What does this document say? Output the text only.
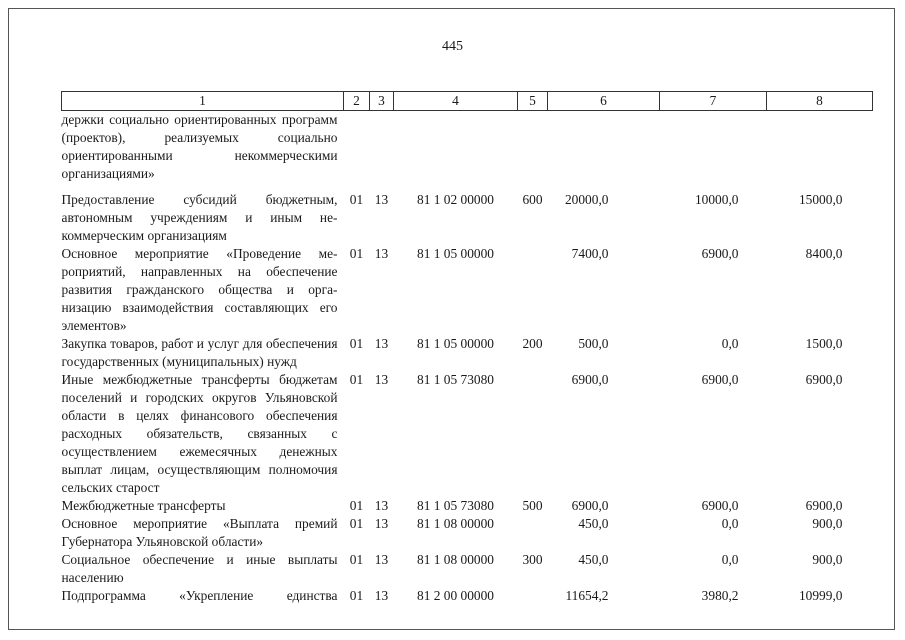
445
1	2	3	4	5	6	7	8
держки социально ориентированных программ (проектов), реализуемых социально ориентированными некоммерческими организациями»							
Предоставление субсидий бюджетным, автономным учреждениям и иным некоммерческим организациям	01	13	81 1 02 00000	600	20000,0	10000,0	15000,0
Основное мероприятие «Проведение мероприятий, направленных на обеспечение развития гражданского общества и организацию взаимодействия составляющих его элементов»	01	13	81 1 05 00000		7400,0	6900,0	8400,0
Закупка товаров, работ и услуг для обеспечения государственных (муниципальных) нужд	01	13	81 1 05 00000	200	500,0	0,0	1500,0
Иные межбюджетные трансферты бюджетам поселений и городских округов Ульяновской области в целях финансового обеспечения расходных обязательств, связанных с осуществлением ежемесячных денежных выплат лицам, осуществляющим полномочия сельских старост	01	13	81 1 05 73080		6900,0	6900,0	6900,0
Межбюджетные трансферты	01	13	81 1 05 73080	500	6900,0	6900,0	6900,0
Основное мероприятие «Выплата премий Губернатора Ульяновской области»	01	13	81 1 08 00000		450,0	0,0	900,0
Социальное обеспечение и иные выплаты населению	01	13	81 1 08 00000	300	450,0	0,0	900,0
Подпрограмма «Укрепление единства	01	13	81 2 00 00000		11654,2	3980,2	10999,0
